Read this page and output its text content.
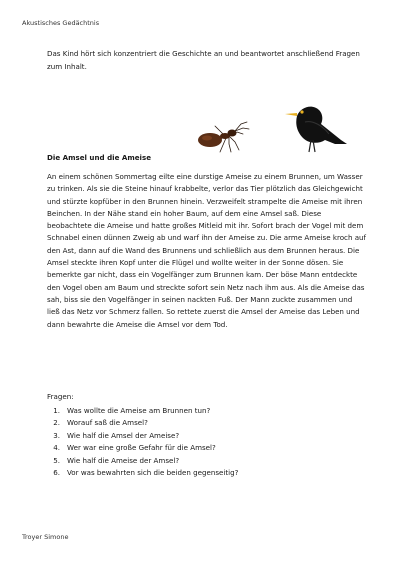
Akustisches Gedächtnis
Das Kind hört sich konzentriert die Geschichte an und beantwortet anschließend Fragen zum Inhalt.
Die Amsel und die Ameise

An einem schönen Sommertag eilte eine durstige Ameise zu einem Brunnen, um Wasser zu trinken. Als sie die Steine hinauf krabbelte, verlor das Tier plötzlich das Gleichgewicht und stürzte kopfüber in den Brunnen hinein. Verzweifelt strampelte die Ameise mit ihren Beinchen. In der Nähe stand ein hoher Baum, auf dem eine Amsel saß. Diese beobachtete die Ameise und hatte großes Mitleid mit ihr. Sofort brach der Vogel mit dem Schnabel einen dünnen Zweig ab und warf ihn der Ameise zu. Die arme Ameise kroch auf den Ast, dann auf die Wand des Brunnens und schließlich aus dem Brunnen heraus. Die Amsel steckte ihren Kopf unter die Flügel und wollte weiter in der Sonne dösen. Sie bemerkte gar nicht, dass ein Vogelfänger zum Brunnen kam. Der böse Mann entdeckte den Vogel oben am Baum und streckte sofort sein Netz nach ihm aus. Als die Ameise das sah, biss sie den Vogelfänger in seinen nackten Fuß. Der Mann zuckte zusammen und ließ das Netz vor Schmerz fallen. So rettete zuerst die Amsel der Ameise das Leben und dann bewahrte die Ameise die Amsel vor dem Tod.

Fragen:
1. Was wollte die Ameise am Brunnen tun?
2. Worauf saß die Amsel?
3. Wie half die Amsel der Ameise?
4. Wer war eine große Gefahr für die Amsel?
5. Wie half die Ameise der Amsel?
6. Vor was bewahrten sich die beiden gegenseitig?
Troyer Simone
